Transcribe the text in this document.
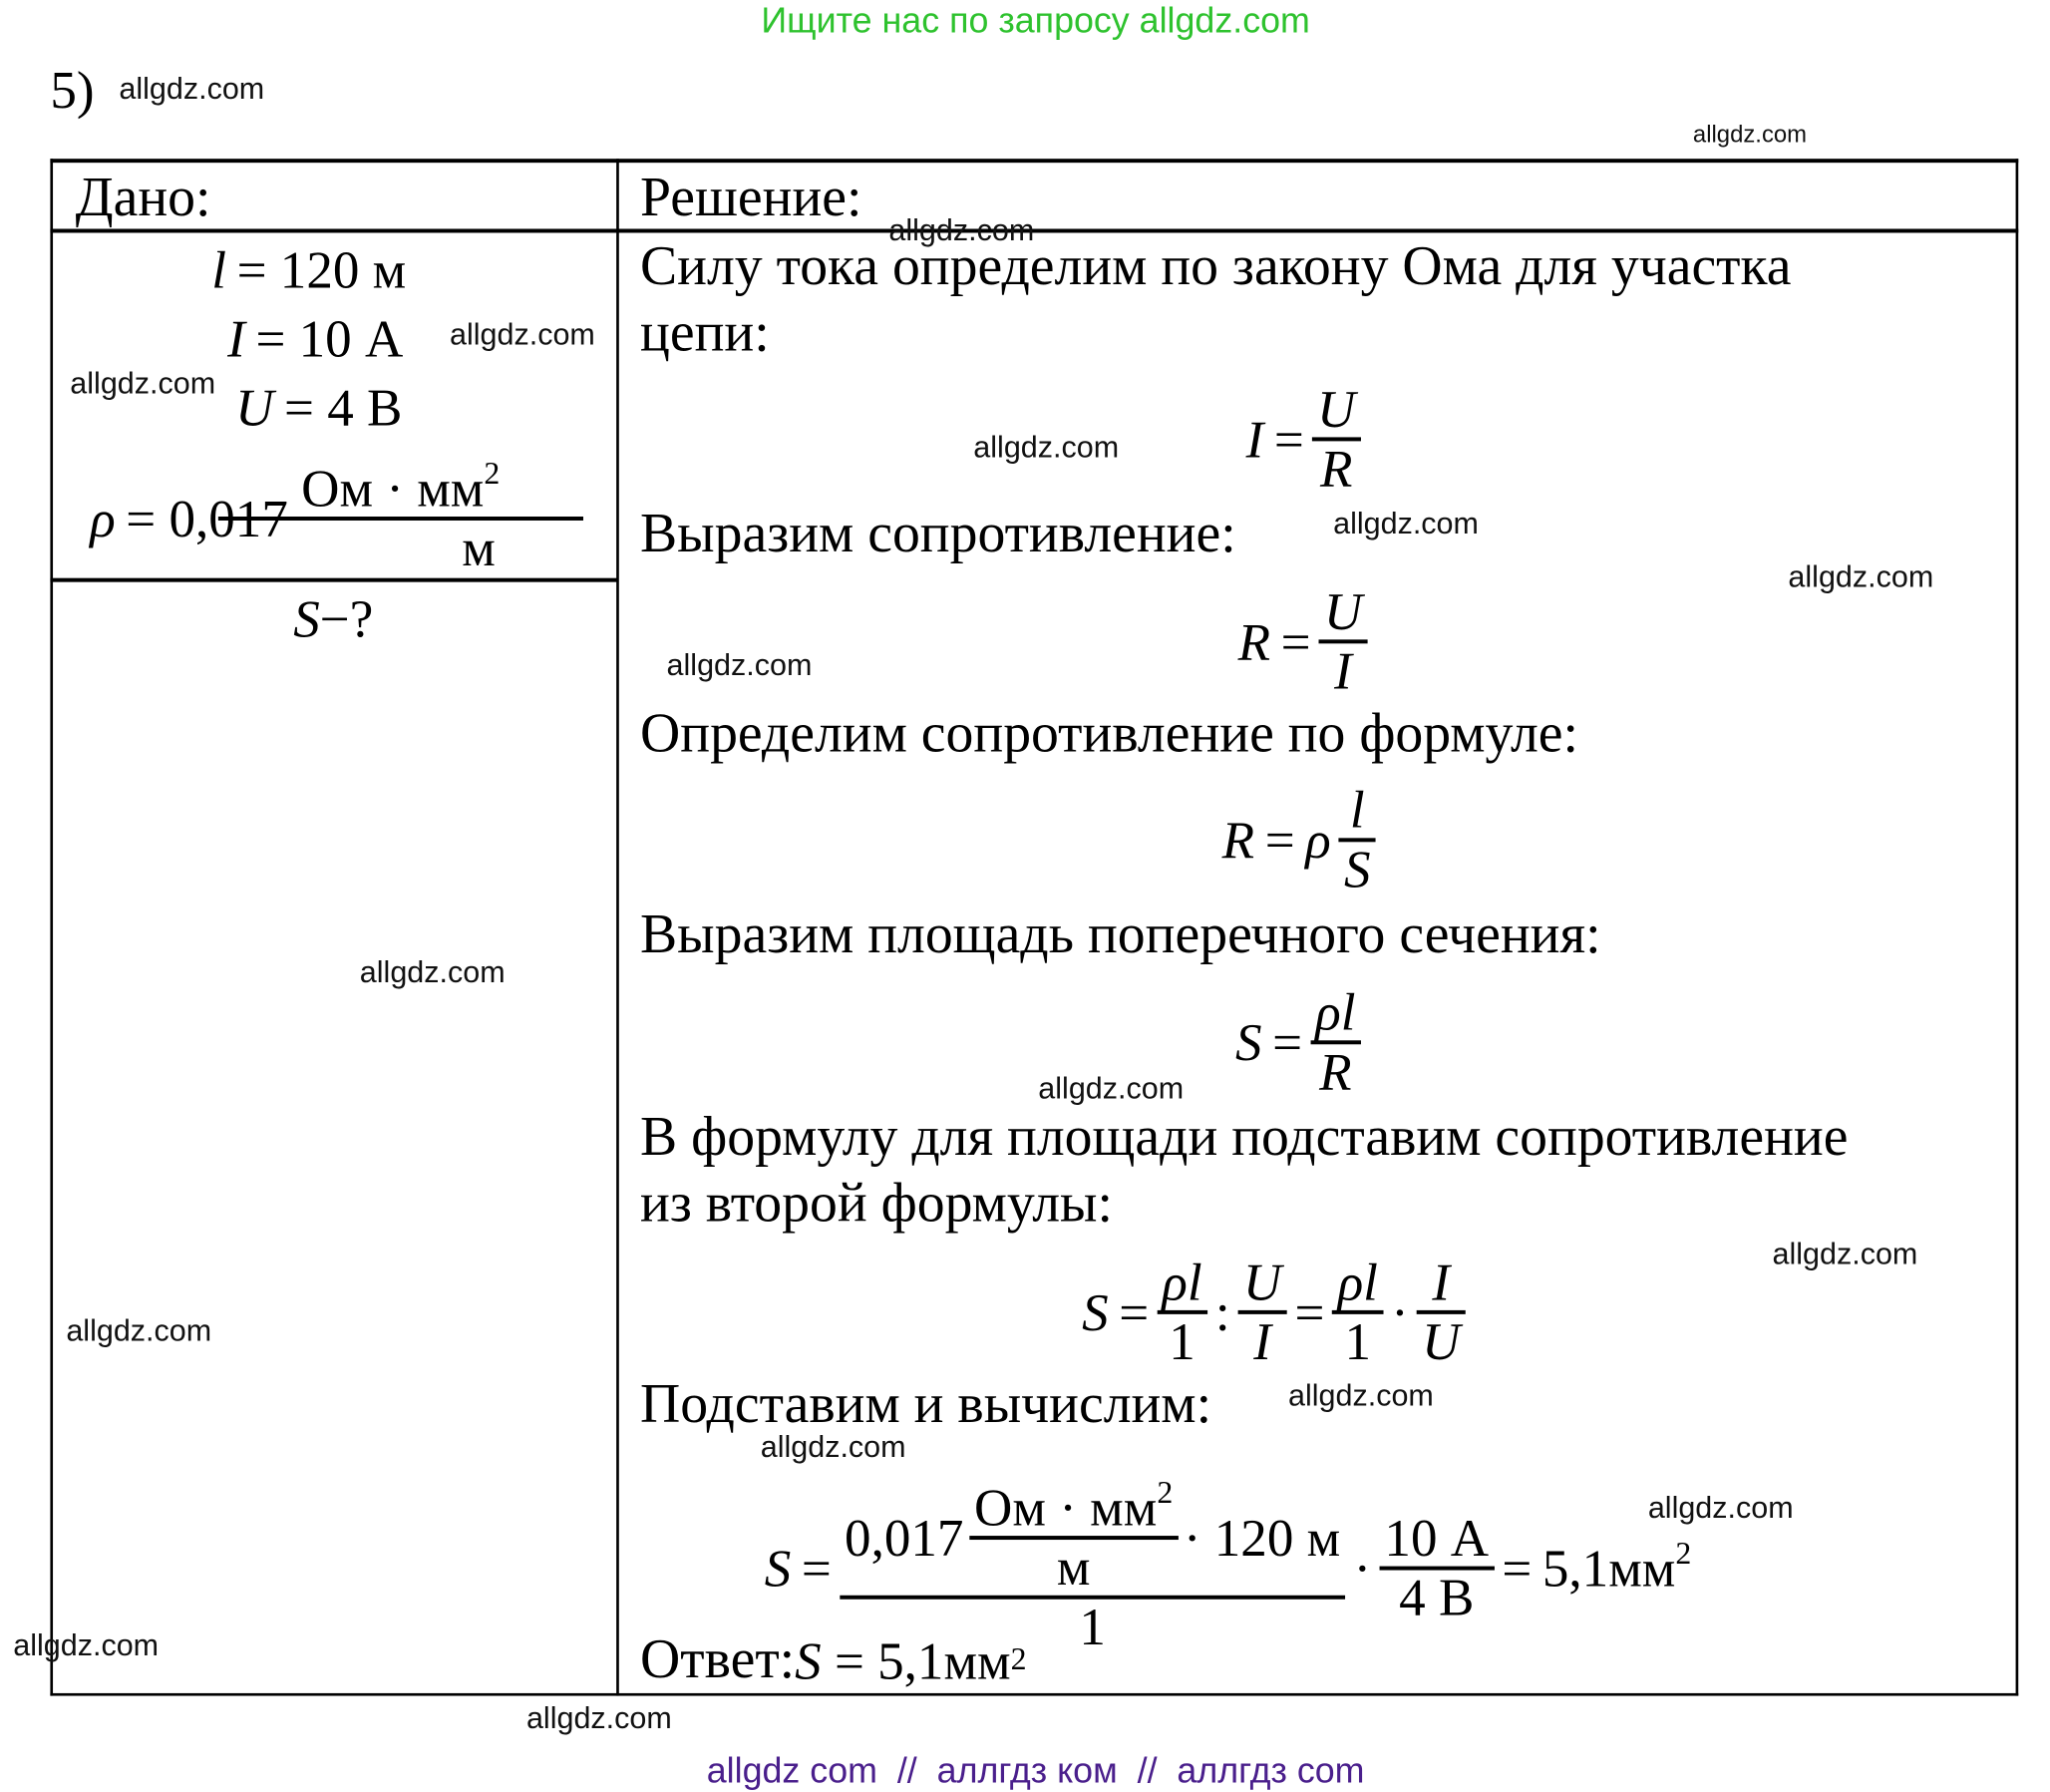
Ищите нас по запросу allgdz.com
5)
Дано:	Решение:
l = 120 м
I = 10 А
U = 4 В
$\rho = 0,017 \frac{Ом \cdot мм^2}{м}$
S −?
Силу тока определим по закону Ома для участка
цепи:
Выразим сопротивление:
Определим сопротивление по формуле:
Выразим площадь поперечного сечения:
В формулу для площади подставим сопротивление
из второй формулы:
Подставим и вычислим:
$I = \frac{U}{R}$
$R = \frac{U}{I}$
R = ρ $\frac{l}{S}$
$S = \frac{\rho l}{R}$
$S = \frac{\rho l}{1}$ : $\frac{U}{I} = \frac{\rho l}{1} \cdot \frac{I}{U}$
$S = \frac{0,017 \frac{Ом \cdot мм^2}{м} \cdot 120 м}{1} \cdot \frac{10 А}{4 В} = 5,1мм^2$
Ответ: S = 5,1мм 2
allgdz.com
allgdz.com
allgdz.com
allgdz.com
allgdz.com
allgdz.com
allgdz.com
allgdz.com
allgdz.com
allgdz.com
allgdz.com
allgdz.com
allgdz.com
allgdz.com
allgdz.com
allgdz.com
allgdz.com
allgdz.com
allgdz com  //  аллгдз ком  //  аллгдз com
